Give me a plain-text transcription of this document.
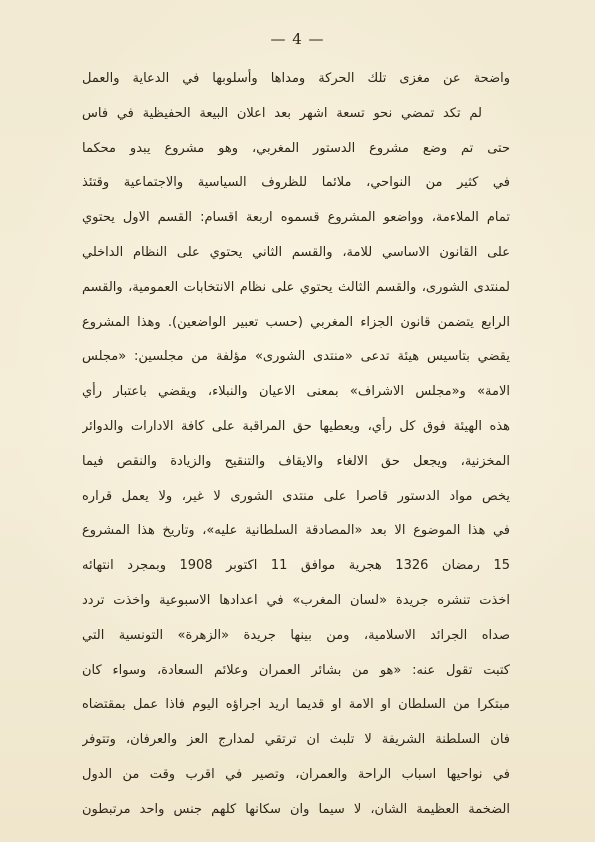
— 4 —
واضحة عن مغزى تلك الحركة ومداها وأسلوبها في الدعاية والعمل
لم تكد تمضي نحو تسعة اشهر بعد اعلان البيعة الحفيظية في فاس
حتى تم وضع مشروع الدستور المغربي، وهو مشروع يبدو محكما
في كثير من النواحي، ملائما للظروف السياسية والاجتماعية وقتئذ
تمام الملاءمة، وواضعو المشروع قسموه اربعة اقسام: القسم الاول يحتوي
على القانون الاساسي للامة، والقسم الثاني يحتوي على النظام الداخلي
لمنتدى الشورى، والقسم الثالث يحتوي على نظام الانتخابات العمومية، والقسم
الرابع يتضمن قانون الجزاء المغربي (حسب تعبير الواضعين). وهذا المشروع
يقضي بتاسيس هيئة تدعى «منتدى الشورى» مؤلفة من مجلسين: «مجلس
الامة» و«مجلس الاشراف» بمعنى الاعيان والنبلاء، ويقضي باعتبار رأي
هذه الهيئة فوق كل رأي، ويعطيها حق المراقبة على كافة الادارات والدوائر
المخزنية، ويجعل حق الالغاء والايقاف والتنقيح والزيادة والنقص فيما
يخص مواد الدستور قاصرا على منتدى الشورى لا غير، ولا يعمل قراره
في هذا الموضوع الا بعد «المصادقة السلطانية عليه»، وتاريخ هذا المشروع
15 رمضان 1326 هجرية موافق 11 اكتوبر 1908 وبمجرد انتهائه
اخذت تنشره جريدة «لسان المغرب» في اعدادها الاسبوعية واخذت تردد
صداه الجرائد الاسلامية، ومن بينها جريدة «الزهرة» التونسية التي
كتبت تقول عنه: «هو من بشائر العمران وعلائم السعادة، وسواء كان
مبتكرا من السلطان او الامة او قديما اريد اجراؤه اليوم فاذا عمل بمقتضاه
فان السلطنة الشريفة لا تلبث ان ترتقي لمدارج العز والعرفان، وتتوفر
في نواحيها اسباب الراحة والعمران، وتصير في اقرب وقت من الدول
الضخمة العظيمة الشان، لا سيما وان سكانها كلهم جنس واحد مرتبطون
